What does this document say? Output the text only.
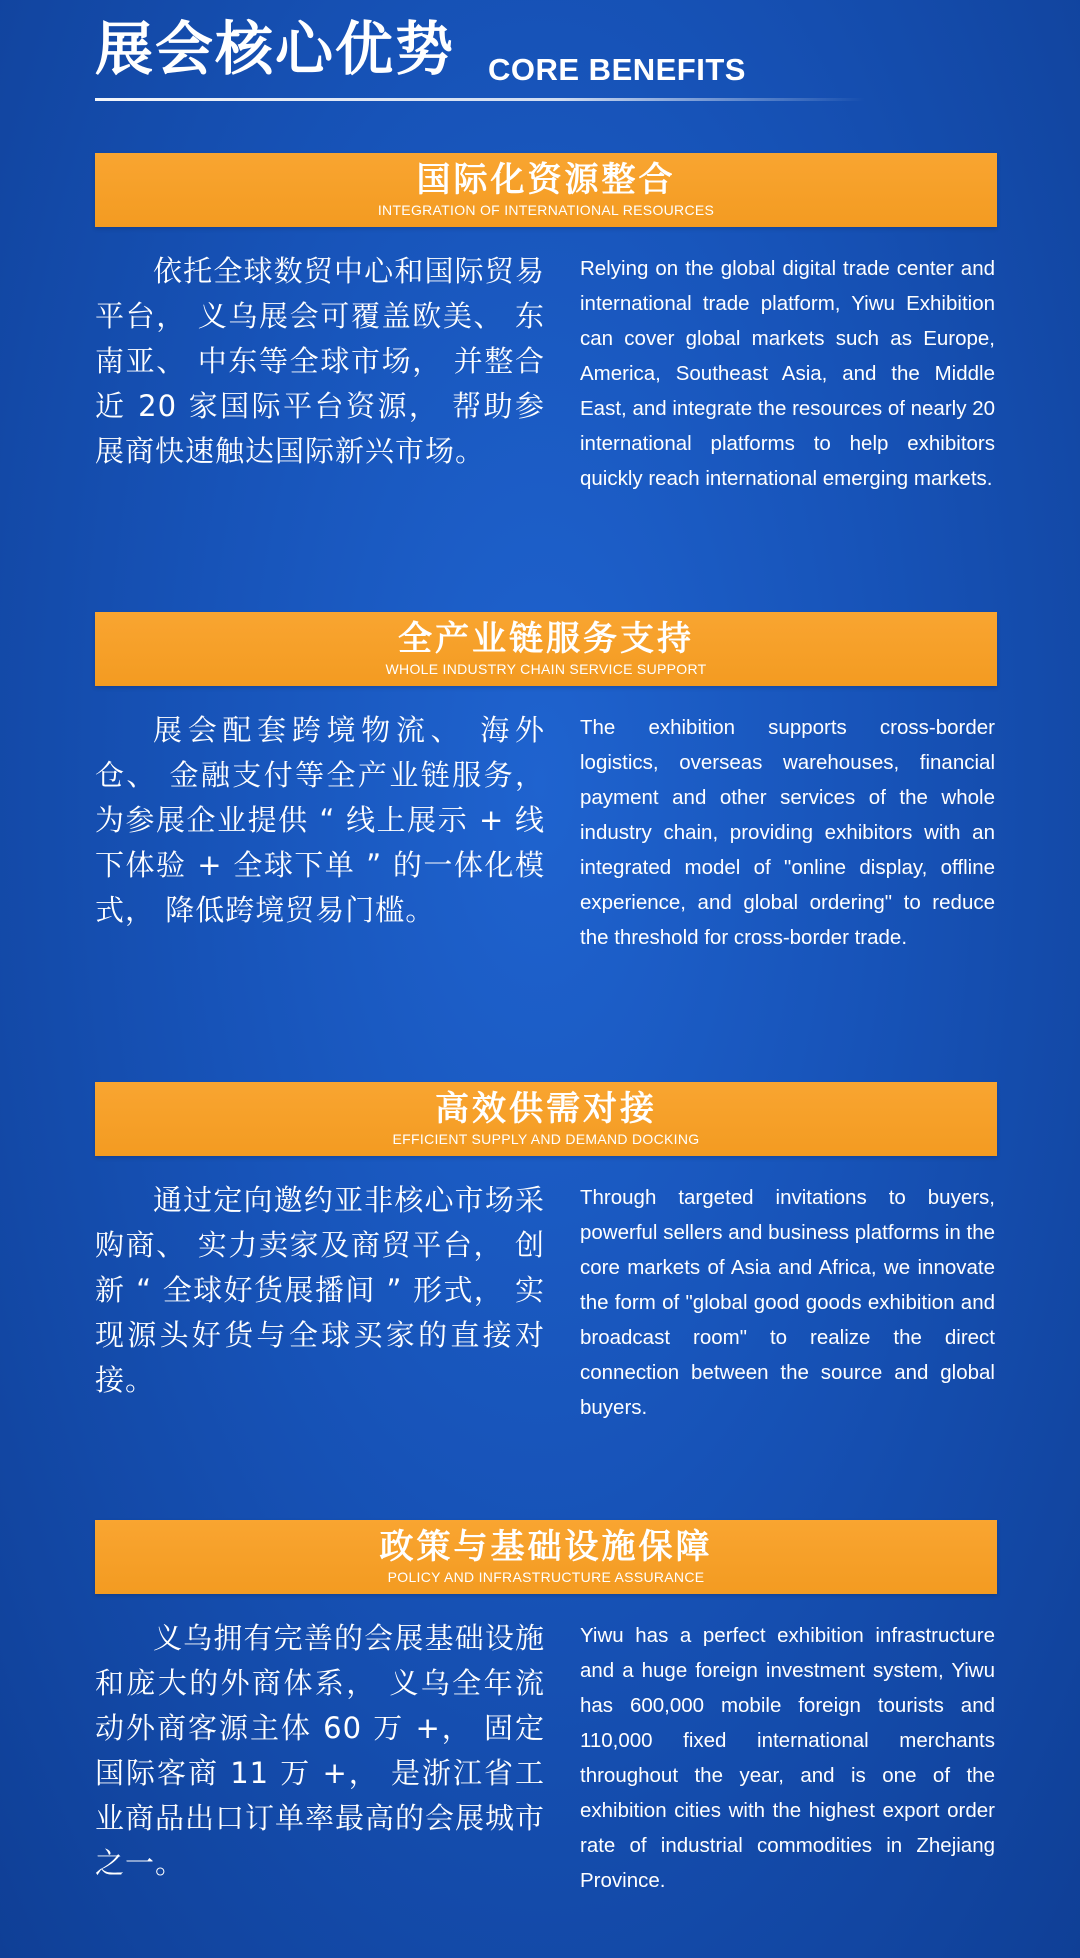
展会核心优势 CORE BENEFITS
国际化资源整合
INTEGRATION OF INTERNATIONAL RESOURCES

依托全球数贸中心和国际贸易平台， 义乌展会可覆盖欧美、 东南亚、 中东等全球市场， 并整合近 20 家国际平台资源， 帮助参展商快速触达国际新兴市场。

Relying on the global digital trade center and international trade platform, Yiwu Exhibition can cover global markets such as Europe, America, Southeast Asia, and the Middle East, and integrate the resources of nearly 20 international platforms to help exhibitors quickly reach international emerging markets.

全产业链服务支持
WHOLE INDUSTRY CHAIN SERVICE SUPPORT

展会配套跨境物流、 海外仓、 金融支付等全产业链服务， 为参展企业提供 “ 线上展示 + 线下体验 + 全球下单 ” 的一体化模式， 降低跨境贸易门槛。

The exhibition supports cross-border logistics, overseas warehouses, financial payment and other services of the whole industry chain, providing exhibitors with an integrated model of "online display, offline experience, and global ordering" to reduce the threshold for cross-border trade.

高效供需对接
EFFICIENT SUPPLY AND DEMAND DOCKING

通过定向邀约亚非核心市场采购商、 实力卖家及商贸平台， 创新 “ 全球好货展播间 ” 形式， 实现源头好货与全球买家的直接对接。

Through targeted invitations to buyers, powerful sellers and business platforms in the core markets of Asia and Africa, we innovate the form of "global good goods exhibition and broadcast room" to realize the direct connection between the source and global buyers.

政策与基础设施保障
POLICY AND INFRASTRUCTURE ASSURANCE

义乌拥有完善的会展基础设施和庞大的外商体系， 义乌全年流动外商客源主体 60 万 +， 固定国际客商 11 万 +， 是浙江省工业商品出口订单率最高的会展城市之一。

Yiwu has a perfect exhibition infrastructure and a huge foreign investment system, Yiwu has 600,000 mobile foreign tourists and 110,000 fixed international merchants throughout the year, and is one of the exhibition cities with the highest export order rate of industrial commodities in Zhejiang Province.
